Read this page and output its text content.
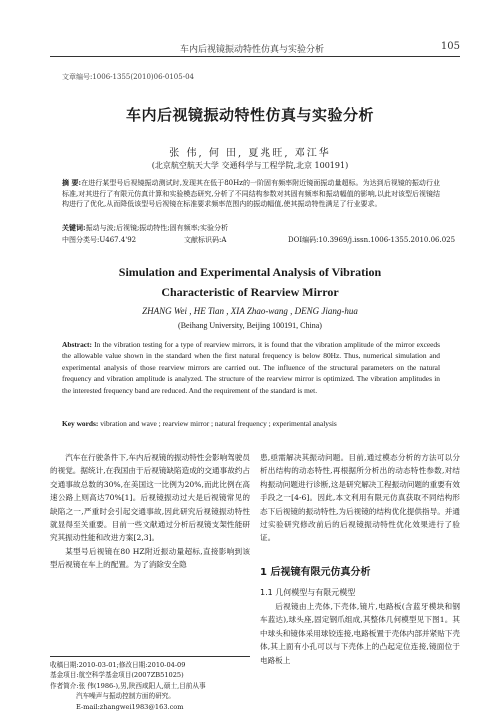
车内后视镜振动特性仿真与实验分析	105
文章编号:1006-1355(2010)06-0105-04
车内后视镜振动特性仿真与实验分析
张 伟, 何 田, 夏兆旺, 邓江华
(北京航空航天大学 交通科学与工程学院,北京 100191)
摘 要:在进行某型号后视镜振动测试时,发现其在低于80Hz的一阶固有频率附近镜面振动量超标。为达到后视镜的振动行业标准,对其进行了有限元仿真计算和实验模态研究,分析了不同结构参数对其固有频率和振动幅值的影响,以此对该型后视镜结构进行了优化,从而降低该型号后视镜在标准要求频率范围内的振动幅值,使其振动特性满足了行业要求。
关键词:振动与波;后视镜;振动特性;固有频率;实验分析
中图分类号:U467.4'92	文献标识码:A	DOI编码:10.3969/j.issn.1006-1355.2010.06.025
Simulation and Experimental Analysis of Vibration
Characteristic of Rearview Mirror
ZHANG Wei , HE Tian , XIA Zhao-wang , DENG Jiang-hua
(Beihang University, Beijing 100191, China)
Abstract: In the vibration testing for a type of rearview mirrors, it is found that the vibration amplitude of the mirror exceeds the allowable value shown in the standard when the first natural frequency is below 80Hz. Thus, numerical simulation and experimental analysis of those rearview mirrors are carried out. The influence of the structural parameters on the natural frequency and vibration amplitude is analyzed. The structure of the rearview mirror is optimized. The vibration amplitudes in the interested frequency band are reduced. And the requirement of the standard is met.
Key words: vibration and wave ; rearview mirror ; natural frequency ; experimental analysis

汽车在行驶条件下,车内后视镜的振动特性会影响驾驶员的视觉。据统计,在我国由于后视镜缺陷造成的交通事故约占交通事故总数的30%,在美国这一比例为20%,而此比例在高速公路上则高达70%[1]。后视镜振动过大是后视镜常见的缺陷之一,严重时会引起交通事故,因此研究后视镜振动特性就显得至关重要。目前一些文献通过分析后视镜支架性能研究其振动性能和改进方案[2,3]。

某型号后视镜在80 HZ附近振动量超标,直接影响到该型后视镜在车上的配置。为了消除安全隐

患,亟需解决其振动问题。目前,通过模态分析的方法可以分析出结构的动态特性,再根据所分析出的动态特性参数,对结构振动问题进行诊断,这是研究解决工程振动问题的重要有效手段之一[4-6]。因此,本文利用有限元仿真获取不同结构形态下后视镜的振动特性,为后视镜的结构优化提供指导。并通过实验研究修改前后的后视镜振动特性优化效果进行了验证。

1 后视镜有限元仿真分析
1.1 几何模型与有限元模型

后视镜由上壳体,下壳体,镜片,电路板(含蓝牙模块和钢车蓝达),球头座,固定钢爪组成,其整体几何模型见下图1。其中球头和镜体采用球铰连接,电路板置于壳体内部并紧贴下壳体,其上面有小孔可以与下壳体上的凸起定位连接,镜面位于电路板上

收稿日期:2010-03-01;修改日期:2010-04-09
基金项目:航空科学基金项目(2007ZB51025)
作者简介:张 伟(1986-),男,陕西咸阳人,硕士,目前从事
汽车噪声与振动控制方面的研究。
E-mail:zhangwei1983@163.com
